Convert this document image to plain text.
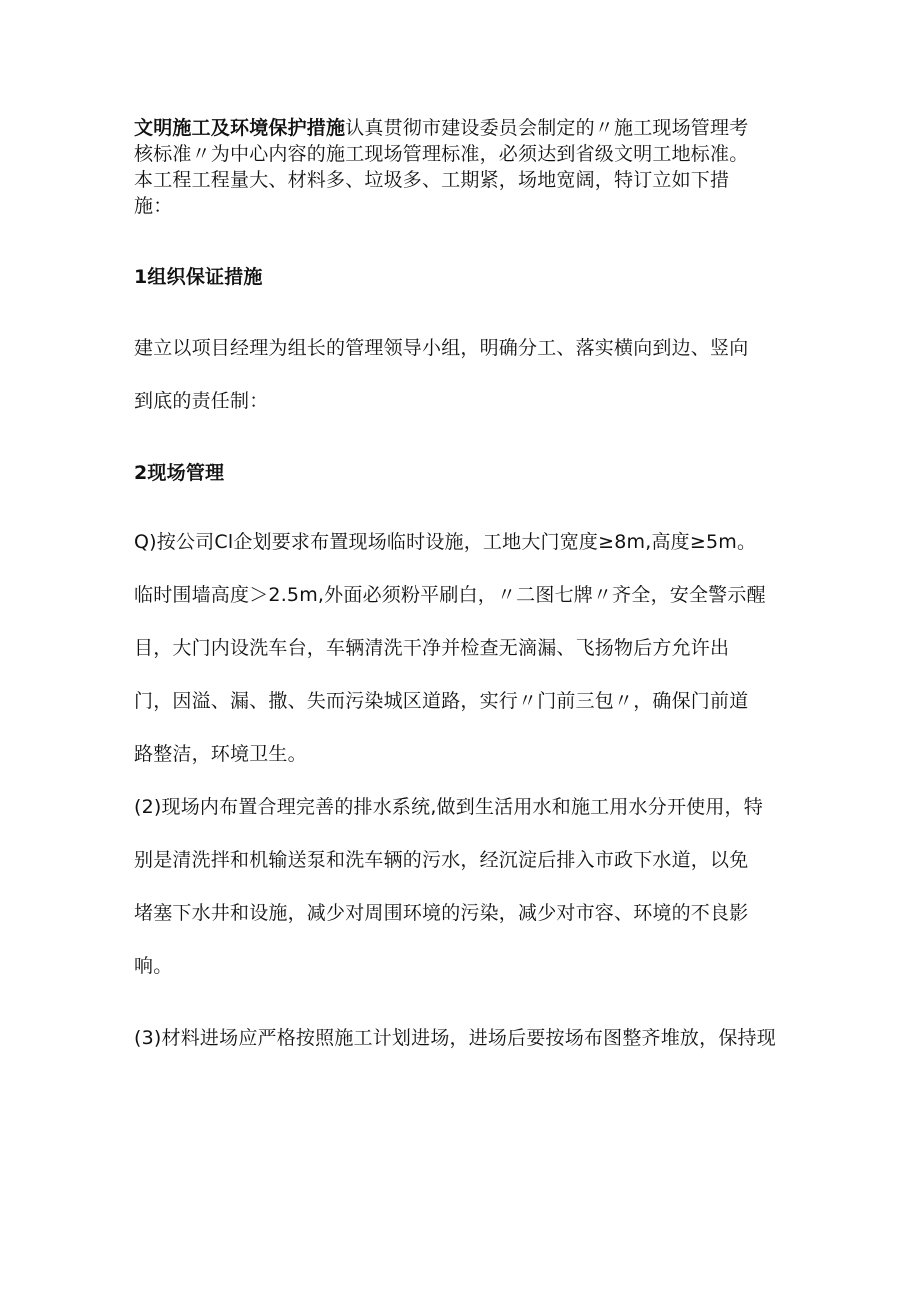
文明施工及环境保护措施认真贯彻市建设委员会制定的〃施工现场管理考
核标准〃为中心内容的施工现场管理标准，必须达到省级文明工地标准。
本工程工程量大、材料多、垃圾多、工期紧，场地宽阔，特订立如下措
施：
1组织保证措施
建立以项目经理为组长的管理领导小组，明确分工、落实横向到边、竖向
到底的责任制：
2现场管理
Q)按公司Cl企划要求布置现场临时设施，工地大门宽度≥8m,高度≥5m。
临时围墙高度＞2.5m,外面必须粉平刷白，〃二图七牌〃齐全，安全警示醒
目，大门内设洗车台，车辆清洗干净并检查无滴漏、飞扬物后方允许出
门，因溢、漏、撒、失而污染城区道路，实行〃门前三包〃，确保门前道
路整洁，环境卫生。
(2)现场内布置合理完善的排水系统,做到生活用水和施工用水分开使用，特
别是清洗拌和机输送泵和洗车辆的污水，经沉淀后排入市政下水道，以免
堵塞下水井和设施，减少对周围环境的污染，减少对市容、环境的不良影
响。
(3)材料进场应严格按照施工计划进场，进场后要按场布图整齐堆放，保持现
